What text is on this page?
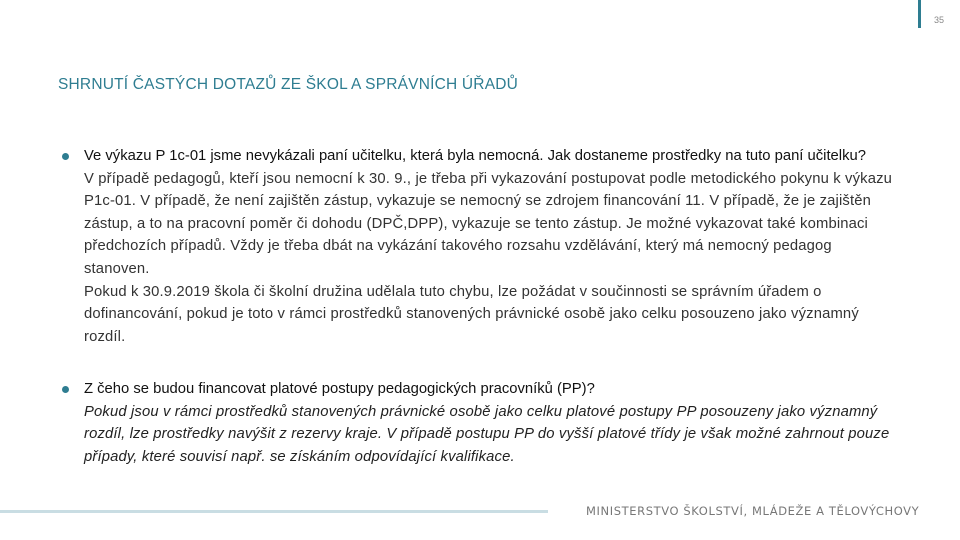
35
SHRNUTÍ ČASTÝCH DOTAZŮ ZE ŠKOL A SPRÁVNÍCH ÚŘADŮ
Ve výkazu P 1c-01 jsme nevykázali paní učitelku, která byla nemocná. Jak dostaneme prostředky na tuto paní učitelku?
V případě pedagogů, kteří jsou nemocní k 30. 9., je třeba při vykazování postupovat podle metodického pokynu k výkazu P1c-01. V případě, že není zajištěn zástup, vykazuje se nemocný se zdrojem financování 11. V případě, že je zajištěn zástup, a to na pracovní poměr či dohodu (DPČ,DPP), vykazuje se tento zástup. Je možné vykazovat také kombinaci předchozích případů. Vždy je třeba dbát na vykázání takového rozsahu vzdělávání, který má nemocný pedagog stanoven.
Pokud k 30.9.2019 škola či školní družina udělala tuto chybu, lze požádat v součinnosti se správním úřadem o dofinancování, pokud je toto v rámci prostředků stanovených právnické osobě jako celku posouzeno jako významný rozdíl.
Z čeho se budou financovat platové postupy pedagogických pracovníků (PP)?
Pokud jsou v rámci prostředků stanovených právnické osobě jako celku platové postupy PP posouzeny jako významný rozdíl, lze prostředky navýšit z rezervy kraje. V případě postupu PP do vyšší platové třídy je však možné zahrnout pouze případy, které souvisí např. se získáním odpovídající kvalifikace.
MINISTERSTVO ŠKOLSTVÍ, MLÁDEŽE A TĚLOVÝCHOVY
